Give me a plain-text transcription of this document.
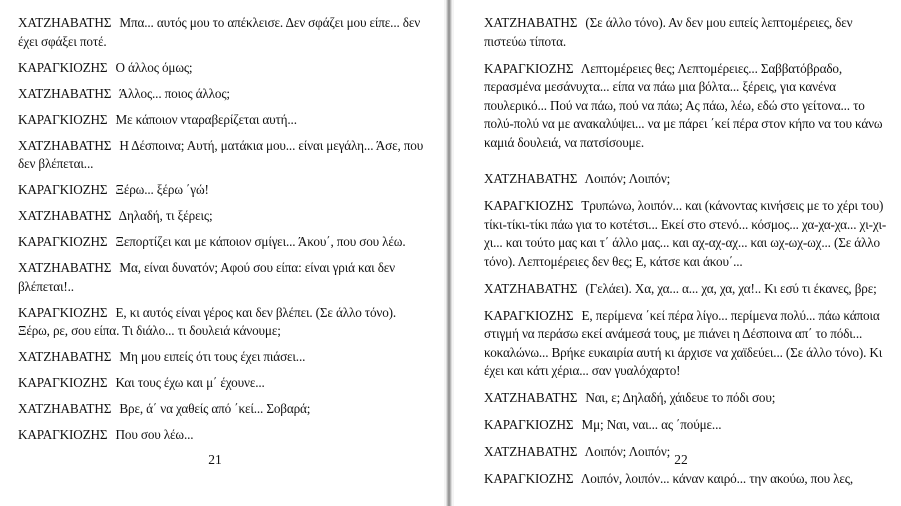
ΧΑΤΖΗΑΒΑΤΗΣ Μπα... αυτός μου το απέκλεισε. Δεν σφάζει μου είπε... δεν έχει σφάξει ποτέ.

ΚΑΡΑΓΚΙΟΖΗΣ Ο άλλος όμως;

ΧΑΤΖΗΑΒΑΤΗΣ Άλλος... ποιος άλλος;

ΚΑΡΑΓΚΙΟΖΗΣ Με κάποιον νταραβερίζεται αυτή...

ΧΑΤΖΗΑΒΑΤΗΣ Η Δέσποινα; Αυτή, ματάκια μου... είναι μεγάλη... Άσε, που δεν βλέπεται...

ΚΑΡΑΓΚΙΟΖΗΣ Ξέρω... ξέρω ΄γώ!

ΧΑΤΖΗΑΒΑΤΗΣ Δηλαδή, τι ξέρεις;

ΚΑΡΑΓΚΙΟΖΗΣ Ξεπορτίζει και με κάποιον σμίγει... Άκου΄, που σου λέω.

ΧΑΤΖΗΑΒΑΤΗΣ Μα, είναι δυνατόν; Αφού σου είπα: είναι γριά και δεν βλέπεται!..

ΚΑΡΑΓΚΙΟΖΗΣ Ε, κι αυτός είναι γέρος και δεν βλέπει. (Σε άλλο τόνο). Ξέρω, ρε, σου είπα. Τι διάλο... τι δουλειά κάνουμε;

ΧΑΤΖΗΑΒΑΤΗΣ Μη μου ειπείς ότι τους έχει πιάσει...

ΚΑΡΑΓΚΙΟΖΗΣ Και τους έχω και μ΄ έχουνε...

ΧΑΤΖΗΑΒΑΤΗΣ Βρε, ά΄ να χαθείς από ΄κεί... Σοβαρά;

ΚΑΡΑΓΚΙΟΖΗΣ Που σου λέω...

21

ΧΑΤΖΗΑΒΑΤΗΣ (Σε άλλο τόνο). Αν δεν μου ειπείς λεπτομέρειες, δεν πιστεύω τίποτα.

ΚΑΡΑΓΚΙΟΖΗΣ Λεπτομέρειες θες; Λεπτομέρειες... Σαββατόβραδο, περασμένα μεσάνυχτα... είπα να πάω μια βόλτα... ξέρεις, για κανένα πουλερικό... Πού να πάω, πού να πάω; Ας πάω, λέω, εδώ στο γείτονα... το πολύ-πολύ να με ανακαλύψει... να με πάρει ΄κεί πέρα στον κήπο να του κάνω καμιά δουλειά, να πατσίσουμε.

ΧΑΤΖΗΑΒΑΤΗΣ Λοιπόν; Λοιπόν;

ΚΑΡΑΓΚΙΟΖΗΣ Τρυπώνω, λοιπόν... και (κάνοντας κινήσεις με το χέρι του) τίκι-τίκι-τίκι πάω για το κοτέτσι... Εκεί στο στενό... κόσμος... χα-χα-χα... χι-χι-χι... και τούτο μας και τ΄ άλλο μας... και αχ-αχ-αχ... και ωχ-ωχ-ωχ... (Σε άλλο τόνο). Λεπτομέρειες δεν θες; Ε, κάτσε και άκου΄...

ΧΑΤΖΗΑΒΑΤΗΣ (Γελάει). Χα, χα... α... χα, χα, χα!.. Κι εσύ τι έκανες, βρε;

ΚΑΡΑΓΚΙΟΖΗΣ Ε, περίμενα ΄κεί πέρα λίγο... περίμενα πολύ... πάω κάποια στιγμή να περάσω εκεί ανάμεσά τους, με πιάνει η Δέσποινα απ΄ το πόδι... κοκαλώνω... Βρήκε ευκαιρία αυτή κι άρχισε να χαϊδεύει... (Σε άλλο τόνο). Κι έχει και κάτι χέρια... σαν γυαλόχαρτο!

ΧΑΤΖΗΑΒΑΤΗΣ Ναι, ε; Δηλαδή, χάιδευε το πόδι σου;

ΚΑΡΑΓΚΙΟΖΗΣ Μμ; Ναι, ναι... ας ΄πούμε...

ΧΑΤΖΗΑΒΑΤΗΣ Λοιπόν; Λοιπόν;

ΚΑΡΑΓΚΙΟΖΗΣ Λοιπόν, λοιπόν... κάναν καιρό... την ακούω, που λες,

22
